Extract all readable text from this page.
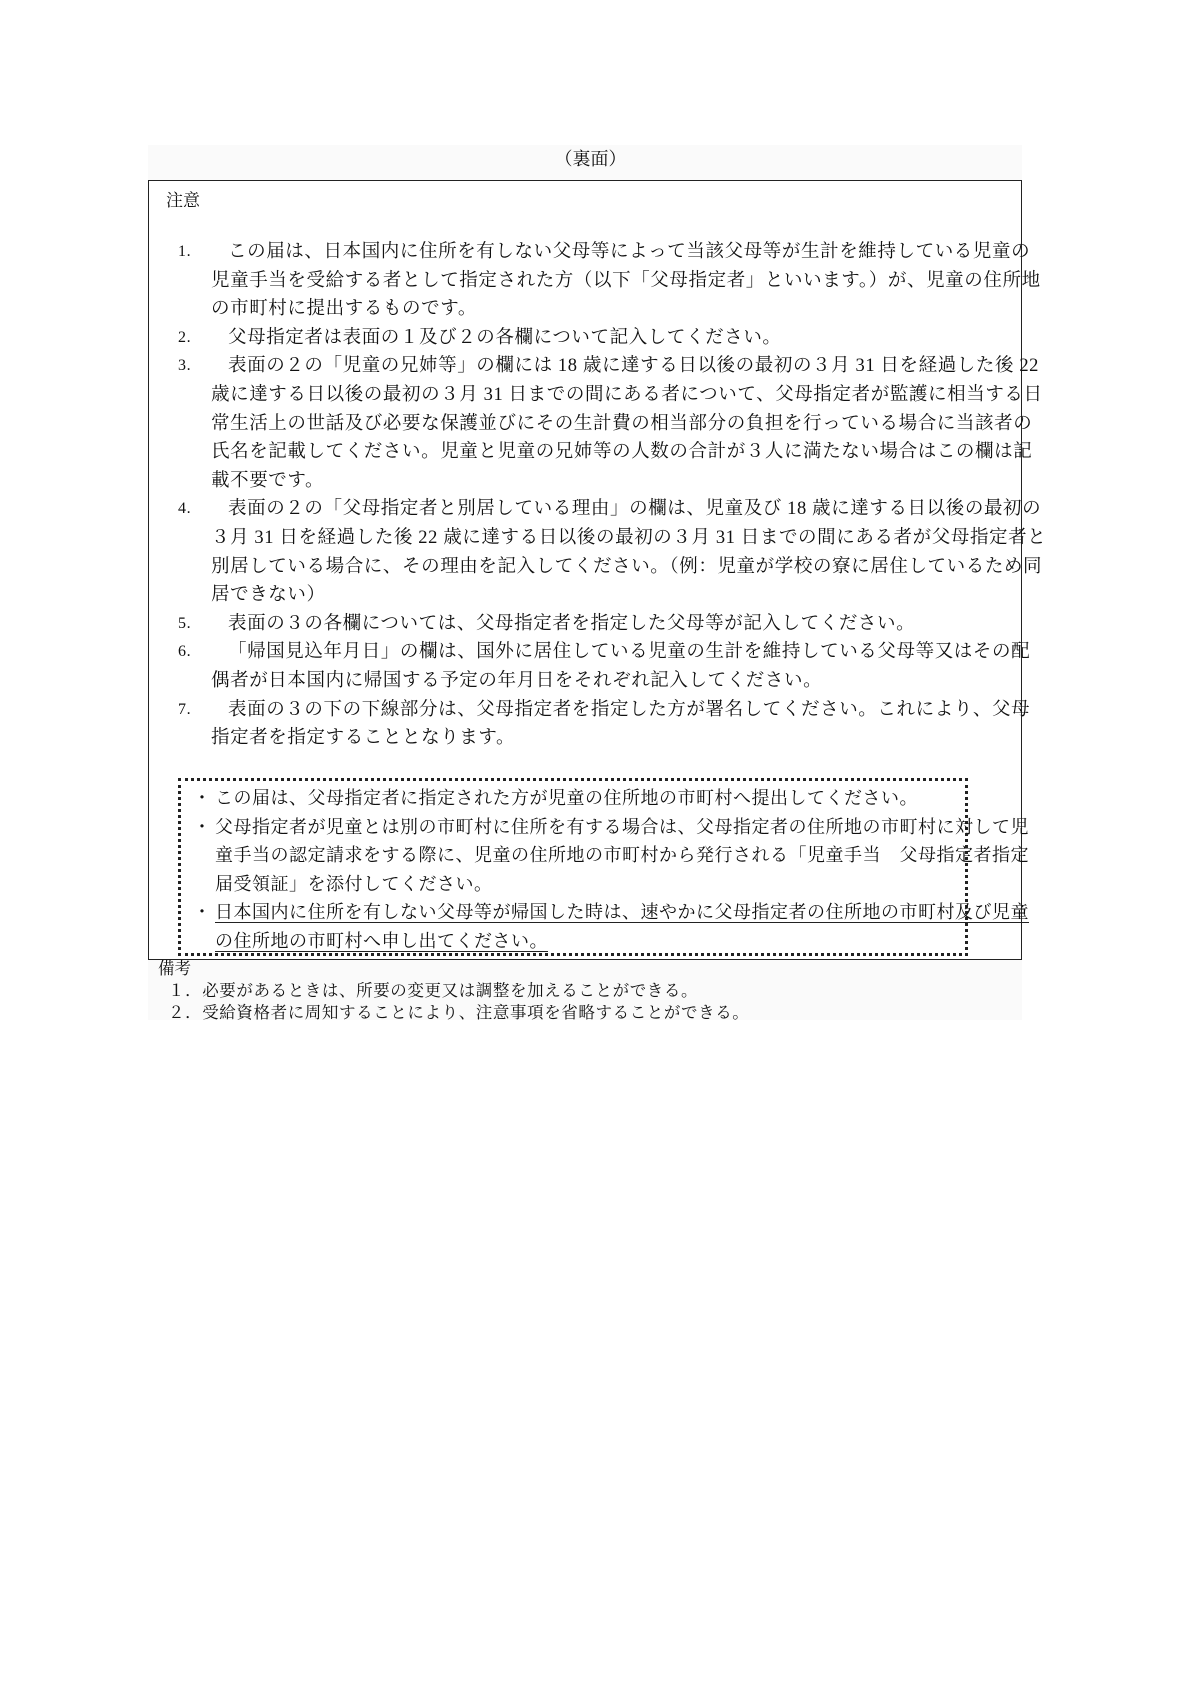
（裏面）
注意
1. この届は、日本国内に住所を有しない父母等によって当該父母等が生計を維持している児童の
児童手当を受給する者として指定された方（以下「父母指定者」といいます。）が、児童の住所地
の市町村に提出するものです。
2. 父母指定者は表面の１及び２の各欄について記入してください。
3. 表面の２の「児童の兄姉等」の欄には 18 歳に達する日以後の最初の３月 31 日を経過した後 22
歳に達する日以後の最初の３月 31 日までの間にある者について、父母指定者が監護に相当する日
常生活上の世話及び必要な保護並びにその生計費の相当部分の負担を行っている場合に当該者の
氏名を記載してください。児童と児童の兄姉等の人数の合計が３人に満たない場合はこの欄は記
載不要です。
4. 表面の２の「父母指定者と別居している理由」の欄は、児童及び 18 歳に達する日以後の最初の
３月 31 日を経過した後 22 歳に達する日以後の最初の３月 31 日までの間にある者が父母指定者と
別居している場合に、その理由を記入してください。（例：児童が学校の寮に居住しているため同
居できない）
5. 表面の３の各欄については、父母指定者を指定した父母等が記入してください。
6. 「帰国見込年月日」の欄は、国外に居住している児童の生計を維持している父母等又はその配
偶者が日本国内に帰国する予定の年月日をそれぞれ記入してください。
7. 表面の３の下の下線部分は、父母指定者を指定した方が署名してください。これにより、父母
指定者を指定することとなります。
・ この届は、父母指定者に指定された方が児童の住所地の市町村へ提出してください。
・ 父母指定者が児童とは別の市町村に住所を有する場合は、父母指定者の住所地の市町村に対して児
童手当の認定請求をする際に、児童の住所地の市町村から発行される「児童手当　父母指定者指定
届受領証」を添付してください。
・ 日本国内に住所を有しない父母等が帰国した時は、速やかに父母指定者の住所地の市町村及び児童
の住所地の市町村へ申し出てください。
備考
１．必要があるときは、所要の変更又は調整を加えることができる。
２．受給資格者に周知することにより、注意事項を省略することができる。
